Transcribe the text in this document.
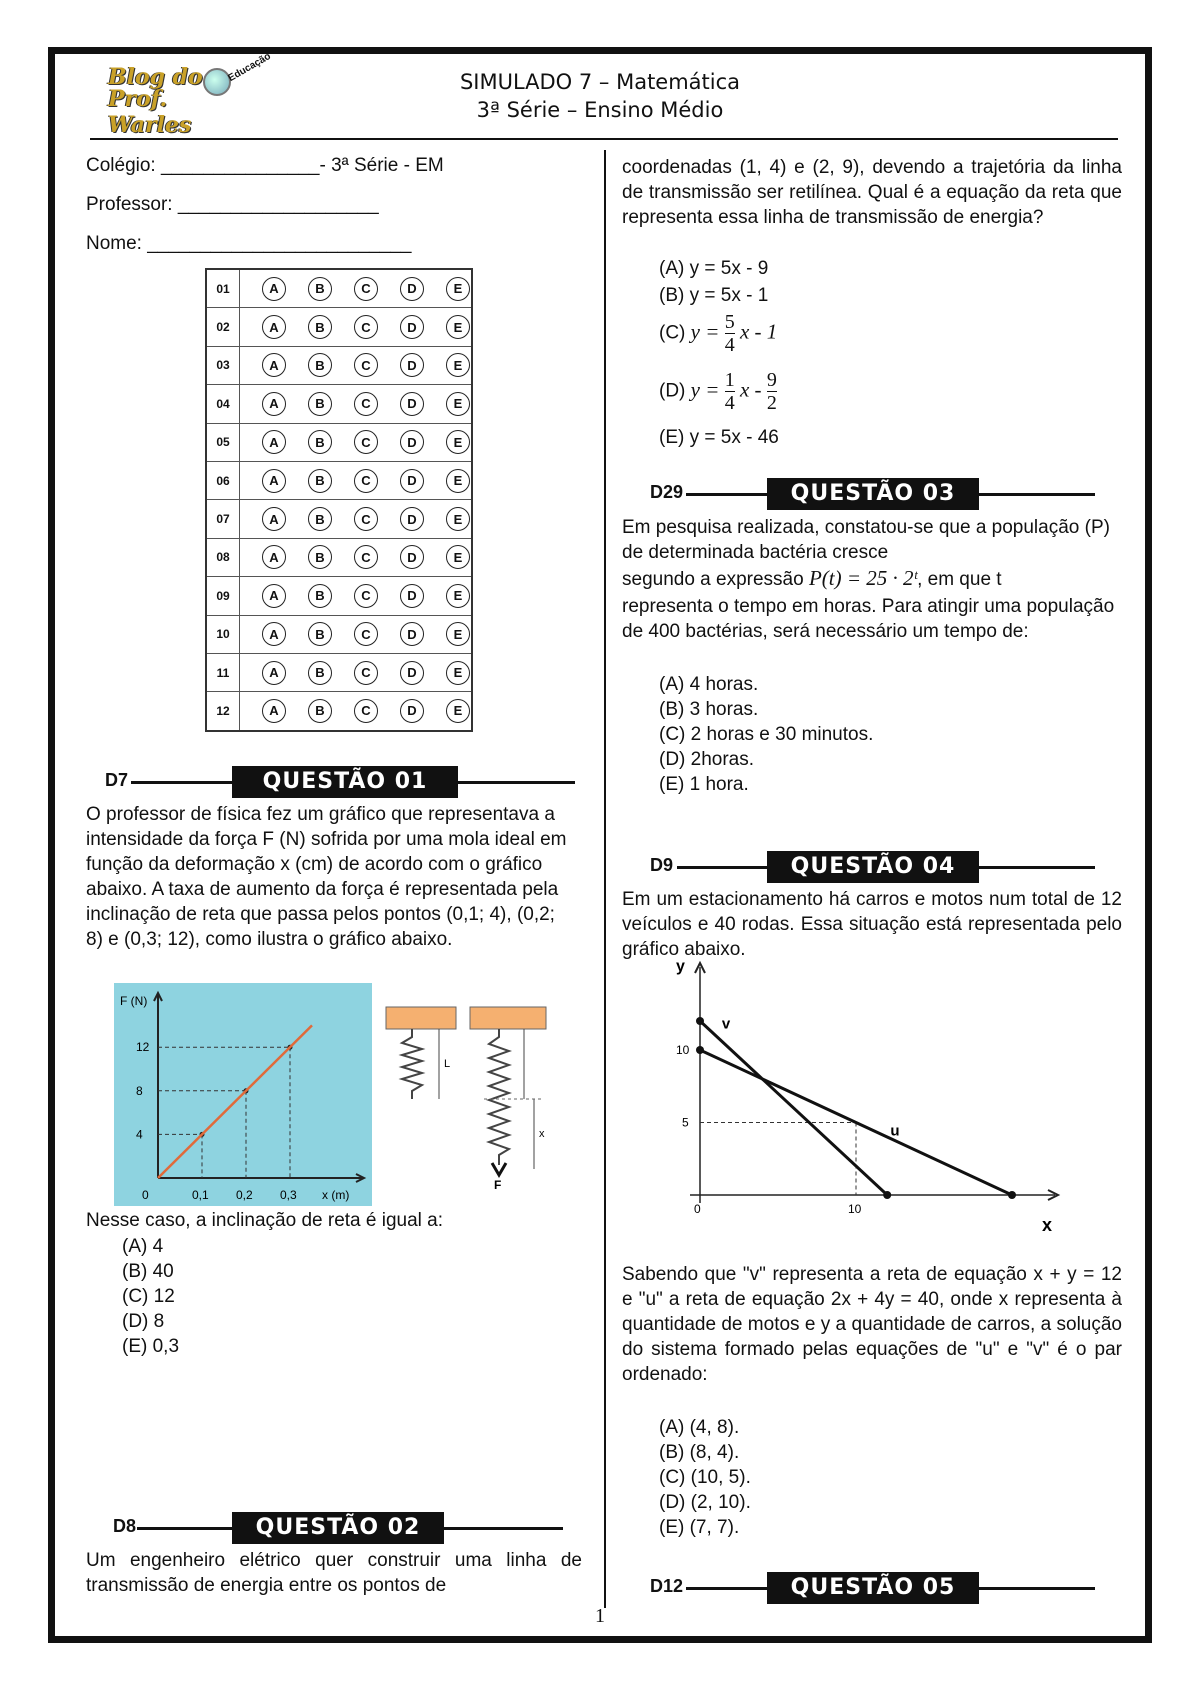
Blog do
Prof. Warles
Educação	SIMULADO 7 – Matemática
3ª Série – Ensino Médio
Colégio: _______________- 3ª Série - EM
Professor: ___________________
Nome: _________________________
01	A	B	C	D	E
02	A	B	C	D	E
03	A	B	C	D	E
04	A	B	C	D	E
05	A	B	C	D	E
06	A	B	C	D	E
07	A	B	C	D	E
08	A	B	C	D	E
09	A	B	C	D	E
10	A	B	C	D	E
11	A	B	C	D	E
12	A	B	C	D	E
D7	QUESTÃO 01
O professor de física fez um gráfico que representava a intensidade da força F (N) sofrida por uma mola ideal em função da deformação x (cm) de acordo com o gráfico abaixo. A taxa de aumento da força é representada pela inclinação de reta que passa pelos pontos (0,1; 4), (0,2; 8) e (0,3; 12), como ilustra o gráfico abaixo.
F (N)
x (m)
0	0,1
4
0,2
8
0,3
12
L
x
F
Nesse caso, a inclinação de reta é igual a:
(A) 4
(B) 40
(C) 12
(D) 8
(E) 0,3
D8	QUESTÃO 02
Um engenheiro elétrico quer construir uma linha de transmissão de energia entre os pontos de
coordenadas (1, 4) e (2, 9), devendo a trajetória da linha de transmissão ser retilínea. Qual é a equação da reta que representa essa linha de transmissão de energia?
(A) y = 5x - 9
(B) y = 5x - 1
(C) $y = \frac{5}{4}$ x - 1
(D) $y = \frac{1}{4}$ x - $\frac{9}{2}$
(E) y = 5x - 46
D29	QUESTÃO 03
Em pesquisa realizada, constatou-se que a população (P) de determinada bactéria cresce
segundo a expressão P(t) = 25 · 2ᵗ, em que t
representa o tempo em horas. Para atingir uma população de 400 bactérias, será necessário um tempo de:
(A) 4 horas.
(B) 3 horas.
(C) 2 horas e 30 minutos.
(D) 2horas.
(E) 1 hora.
D9	QUESTÃO 04
Em um estacionamento há carros e motos num total de 12 veículos e 40 rodas. Essa situação está representada pelo gráfico abaixo.
y
x
0	10
5
10
v
u
Sabendo que "v" representa a reta de equação x + y = 12 e "u" a reta de equação 2x + 4y = 40, onde x representa à quantidade de motos e y a quantidade de carros, a solução do sistema formado pelas equações de "u" e "v" é o par ordenado:
(A) (4, 8).
(B) (8, 4).
(C) (10, 5).
(D) (2, 10).
(E) (7, 7).
D12	QUESTÃO 05
1
